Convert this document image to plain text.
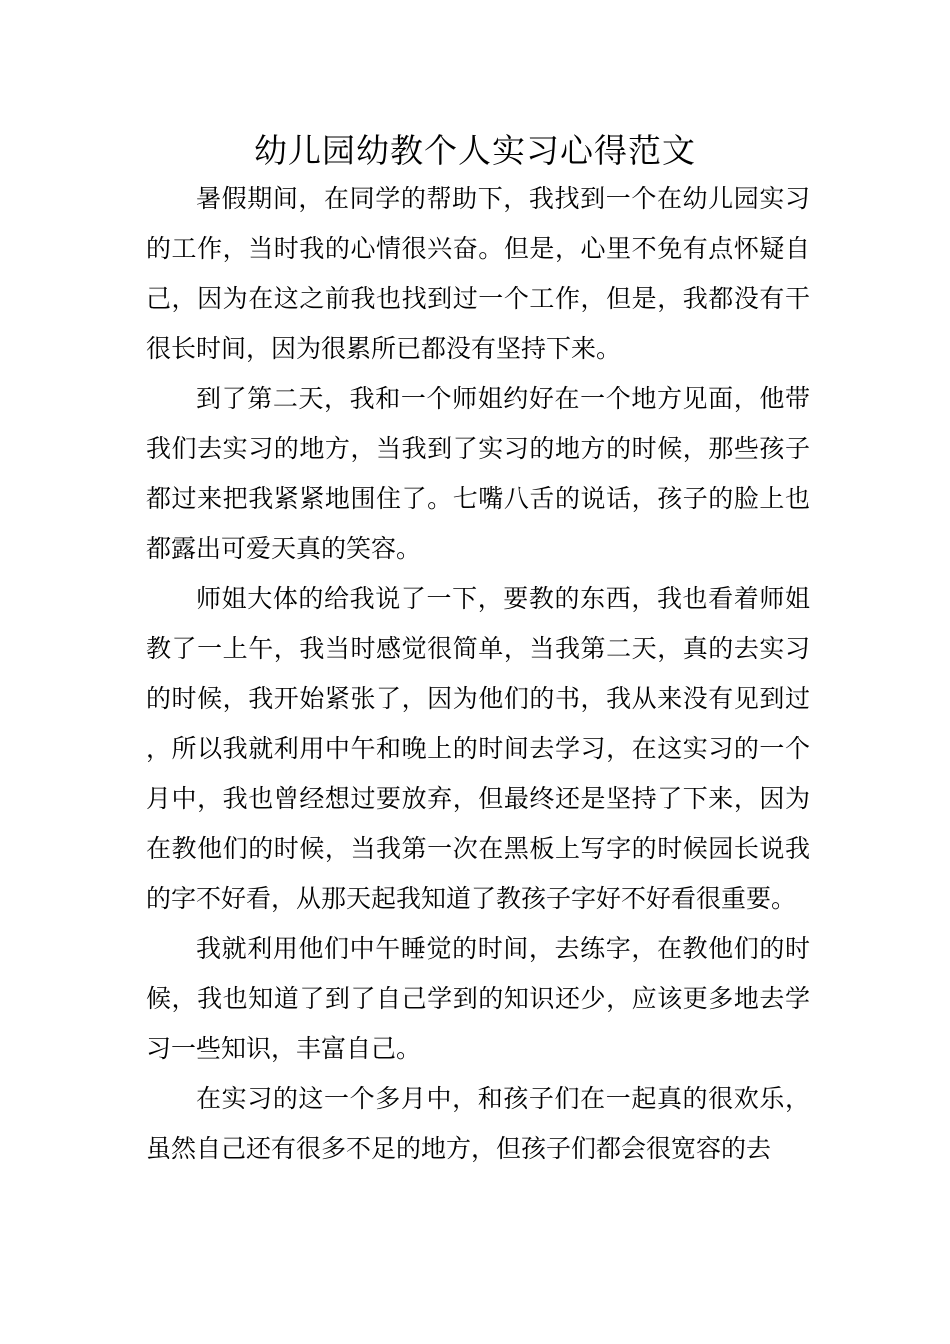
幼儿园幼教个人实习心得范文

暑假期间，在同学的帮助下，我找到一个在幼儿园实习的工作，当时我的心情很兴奋。但是，心里不免有点怀疑自己，因为在这之前我也找到过一个工作，但是，我都没有干很长时间，因为很累所已都没有坚持下来。

到了第二天，我和一个师姐约好在一个地方见面，他带我们去实习的地方，当我到了实习的地方的时候，那些孩子都过来把我紧紧地围住了。七嘴八舌的说话，孩子的脸上也都露出可爱天真的笑容。

师姐大体的给我说了一下，要教的东西，我也看着师姐教了一上午，我当时感觉很简单，当我第二天，真的去实习的时候，我开始紧张了，因为他们的书，我从来没有见到过，所以我就利用中午和晚上的时间去学习，在这实习的一个月中，我也曾经想过要放弃，但最终还是坚持了下来，因为在教他们的时候，当我第一次在黑板上写字的时候园长说我的字不好看，从那天起我知道了教孩子字好不好看很重要。

我就利用他们中午睡觉的时间，去练字，在教他们的时候，我也知道了到了自己学到的知识还少，应该更多地去学习一些知识，丰富自己。

在实习的这一个多月中，和孩子们在一起真的很欢乐，虽然自己还有很多不足的地方，但孩子们都会很宽容的去
